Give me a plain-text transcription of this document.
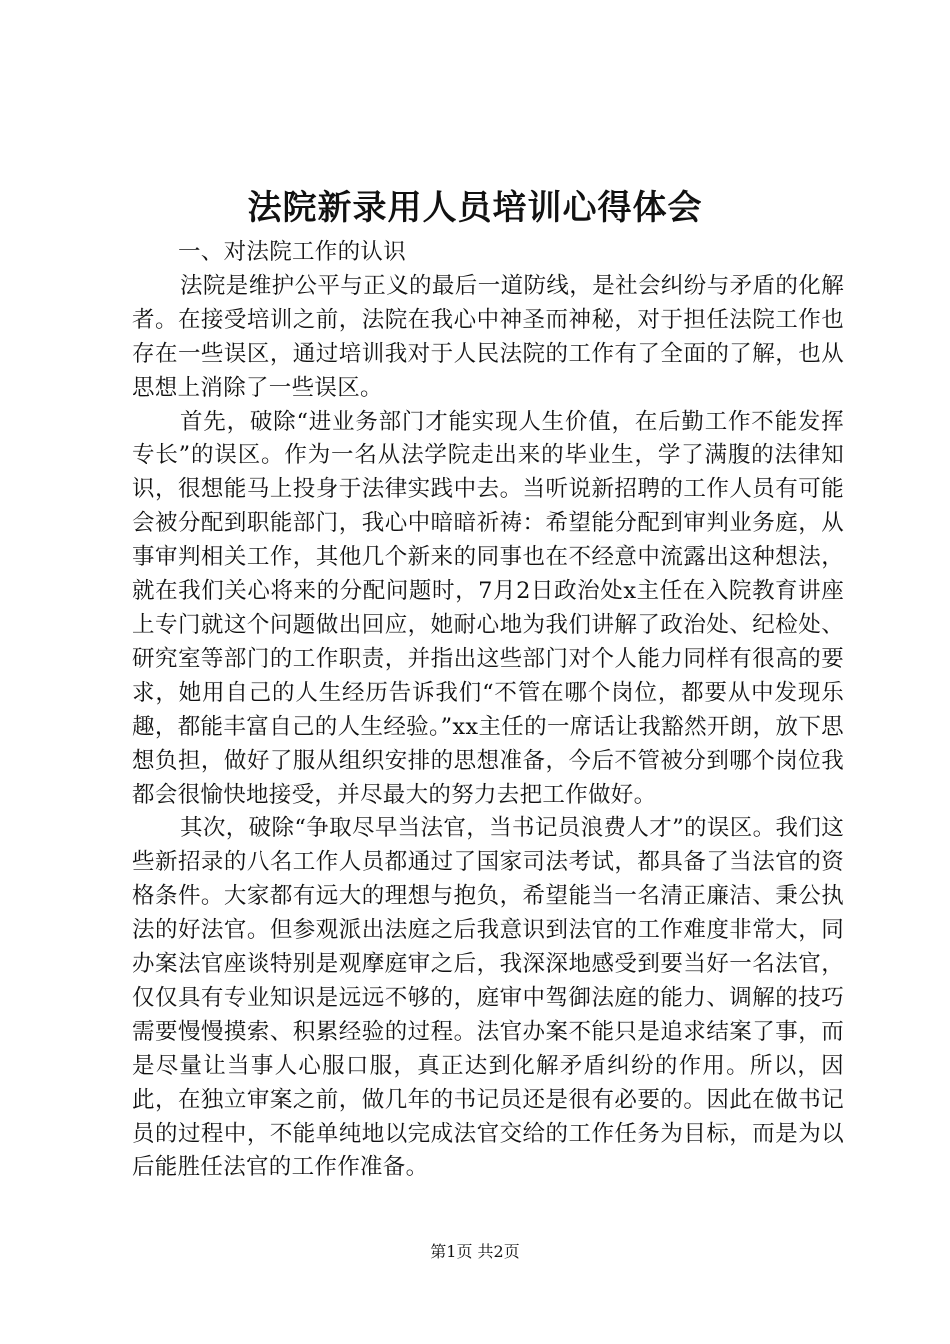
法院新录用人员培训心得体会
一、对法院工作的认识

法院是维护公平与正义的最后一道防线，是社会纠纷与矛盾的化解者。在接受培训之前，法院在我心中神圣而神秘，对于担任法院工作也存在一些误区，通过培训我对于人民法院的工作有了全面的了解，也从思想上消除了一些误区。

首先，破除“进业务部门才能实现人生价值，在后勤工作不能发挥专长”的误区。作为一名从法学院走出来的毕业生，学了满腹的法律知识，很想能马上投身于法律实践中去。当听说新招聘的工作人员有可能会被分配到职能部门，我心中暗暗祈祷：希望能分配到审判业务庭，从事审判相关工作，其他几个新来的同事也在不经意中流露出这种想法，就在我们关心将来的分配问题时，7月2日政治处x主任在入院教育讲座上专门就这个问题做出回应，她耐心地为我们讲解了政治处、纪检处、研究室等部门的工作职责，并指出这些部门对个人能力同样有很高的要求，她用自己的人生经历告诉我们“不管在哪个岗位，都要从中发现乐趣，都能丰富自己的人生经验。”xx主任的一席话让我豁然开朗，放下思想负担，做好了服从组织安排的思想准备，今后不管被分到哪个岗位我都会很愉快地接受，并尽最大的努力去把工作做好。

其次，破除“争取尽早当法官，当书记员浪费人才”的误区。我们这些新招录的八名工作人员都通过了国家司法考试，都具备了当法官的资格条件。大家都有远大的理想与抱负，希望能当一名清正廉洁、秉公执法的好法官。但参观派出法庭之后我意识到法官的工作难度非常大，同办案法官座谈特别是观摩庭审之后，我深深地感受到要当好一名法官，仅仅具有专业知识是远远不够的，庭审中驾御法庭的能力、调解的技巧需要慢慢摸索、积累经验的过程。法官办案不能只是追求结案了事，而是尽量让当事人心服口服，真正达到化解矛盾纠纷的作用。所以，因此，在独立审案之前，做几年的书记员还是很有必要的。因此在做书记员的过程中，不能单纯地以完成法官交给的工作任务为目标，而是为以后能胜任法官的工作作准备。

第1页 共2页
